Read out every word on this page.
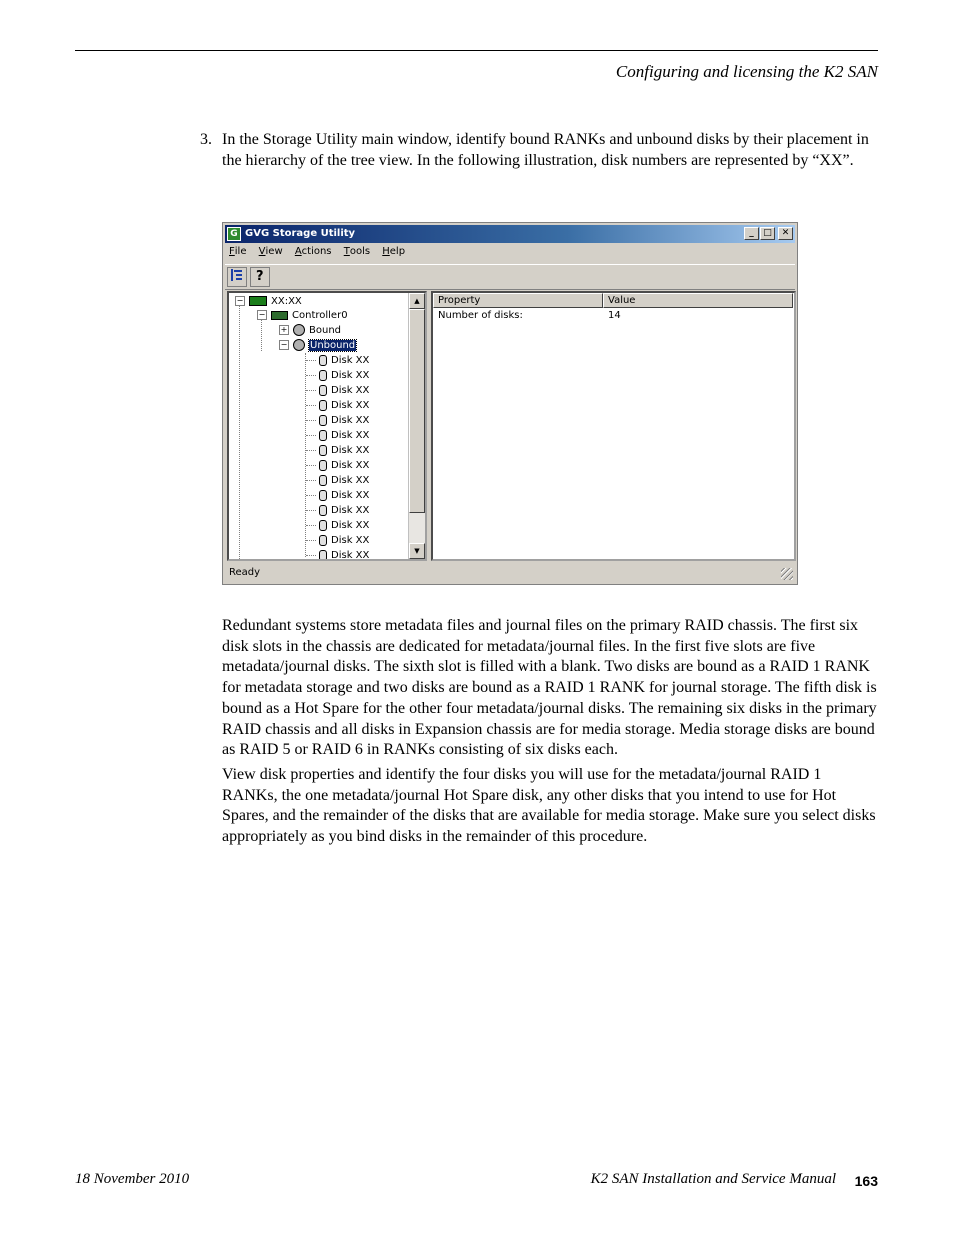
Configuring and licensing the K2 SAN
3. In the Storage Utility main window, identify bound RANKs and unbound disks by their placement in the hierarchy of the tree view. In the following illustration, disk numbers are represented by “XX”.
G GVG Storage Utility	_	□	✕
File View Actions Tools Help
?
−	XX:XX
−	Controller0
+ Bound
− Unbound
Disk XX
Disk XX
Disk XX
Disk XX
Disk XX
Disk XX
Disk XX
Disk XX
Disk XX
Disk XX
Disk XX
Disk XX
Disk XX
Disk XX
▲
▼
Property	Value
Number of disks:	14
Ready
Redundant systems store metadata files and journal files on the primary RAID chassis. The first six disk slots in the chassis are dedicated for metadata/journal files. In the first five slots are five metadata/journal disks. The sixth slot is filled with a blank. Two disks are bound as a RAID 1 RANK for metadata storage and two disks are bound as a RAID 1 RANK for journal storage. The fifth disk is bound as a Hot Spare for the other four metadata/journal disks. The remaining six disks in the primary RAID chassis and all disks in Expansion chassis are for media storage. Media storage disks are bound as RAID 5 or RAID 6 in RANKs consisting of six disks each.
View disk properties and identify the four disks you will use for the metadata/journal RAID 1 RANKs, the one metadata/journal Hot Spare disk, any other disks that you intend to use for Hot Spares, and the remainder of the disks that are available for media storage. Make sure you select disks appropriately as you bind disks in the remainder of this procedure.
18 November 2010	K2 SAN Installation and Service Manual 163
